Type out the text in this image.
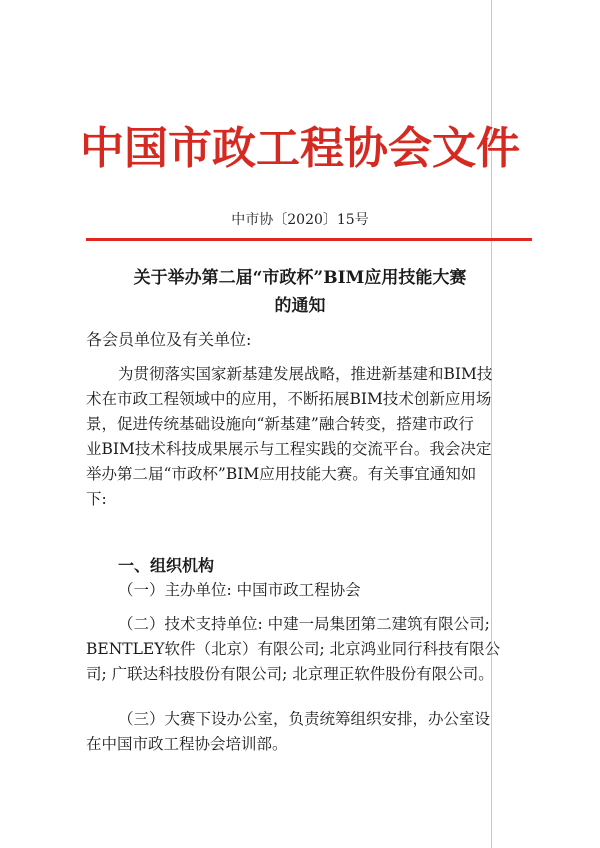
中国市政工程协会文件
中市协〔2020〕15号
关于举办第二届“市政杯”BIM应用技能大赛
的通知
各会员单位及有关单位:
为贯彻落实国家新基建发展战略，推进新基建和BIM技
术在市政工程领域中的应用，不断拓展BIM技术创新应用场
景，促进传统基础设施向“新基建”融合转变，搭建市政行
业BIM技术科技成果展示与工程实践的交流平台。我会决定
举办第二届“市政杯”BIM应用技能大赛。有关事宜通知如
下:
一、组织机构
（一）主办单位: 中国市政工程协会
（二）技术支持单位: 中建一局集团第二建筑有限公司;
BENTLEY软件（北京）有限公司; 北京鸿业同行科技有限公
司; 广联达科技股份有限公司; 北京理正软件股份有限公司。
（三）大赛下设办公室，负责统筹组织安排，办公室设
在中国市政工程协会培训部。
